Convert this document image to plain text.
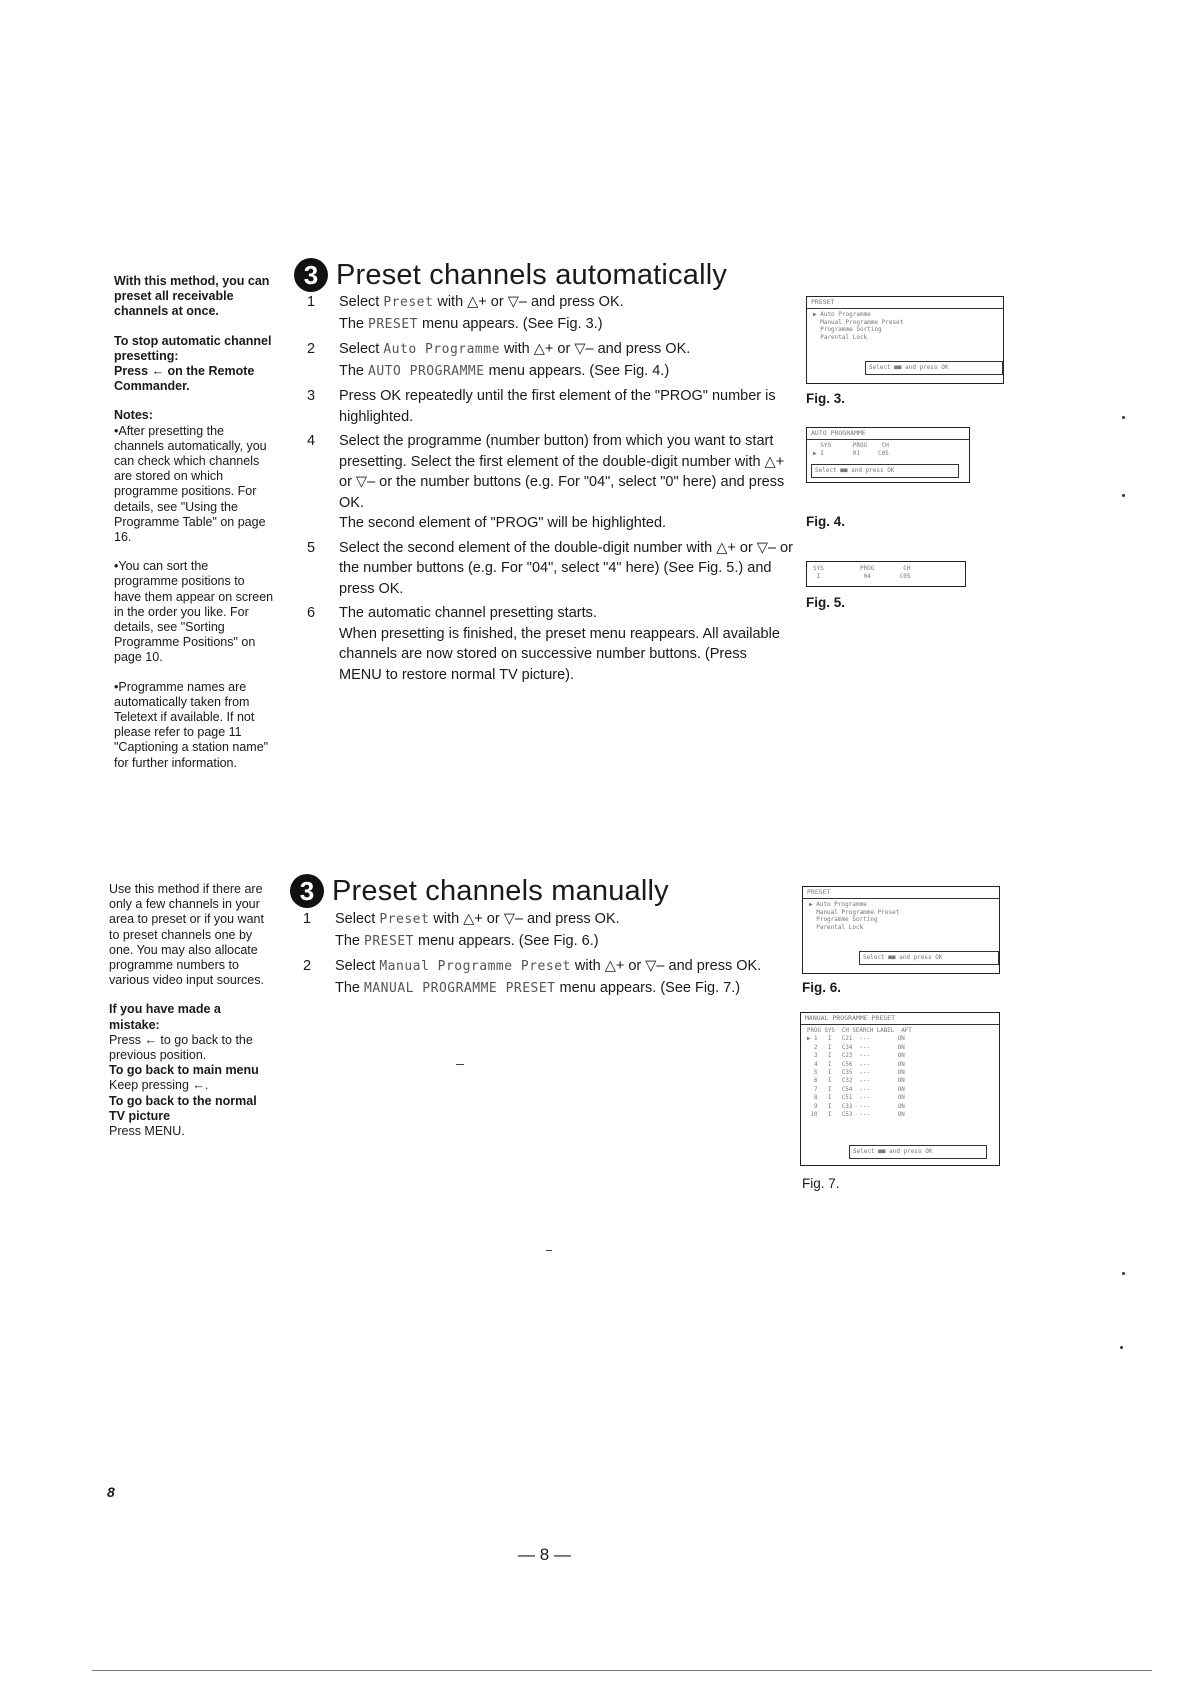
With this method, you can preset all receivable channels at once.

To stop automatic channel presetting:
Press ← on the Remote Commander.

Notes:

•After presetting the channels automatically, you can check which channels are stored on which programme positions. For details, see "Using the Programme Table" on page 16.

•You can sort the programme positions to have them appear on screen in the order you like. For details, see "Sorting Programme Positions" on page 10.

•Programme names are automatically taken from Teletext if available. If not please refer to page 11 "Captioning a station name" for further information.

3 Preset channels automatically
1	Select Preset with △+ or ▽– and press OK.
The PRESET menu appears. (See Fig. 3.)
2	Select Auto Programme with △+ or ▽– and press OK.
The AUTO PROGRAMME menu appears. (See Fig. 4.)
3	Press OK repeatedly until the first element of the "PROG" number is highlighted.
4	Select the programme (number button) from which you want to start presetting. Select the first element of the double-digit number with △+ or ▽– or the number buttons (e.g. For "04", select "0" here) and press OK.
The second element of "PROG" will be highlighted.
5	Select the second element of the double-digit number with △+ or ▽– or the number buttons (e.g. For "04", select "4" here) (See Fig. 5.) and press OK.
6	The automatic channel presetting starts.
When presetting is finished, the preset menu reappears. All available channels are now stored on successive number buttons. (Press MENU to restore normal TV picture).
PRESET
▶ Auto Programme
Manual Programme Preset
Programme Sorting
Parental Lock
Select ■■ and press OK
Fig. 3.
AUTO PROGRAMME
SYS      PROG    CH
▶ I        01     C05
Select ■■ and press OK
Fig. 4.
SYS          PROG        CH
I            04        C05
Fig. 5.

Use this method if there are only a few channels in your area to preset or if you want to preset channels one by one. You may also allocate programme numbers to various video input sources.

If you have made a mistake:
Press ← to go back to the previous position.
To go back to main menu
Keep pressing ←.
To go back to the normal TV picture
Press MENU.

3 Preset channels manually
1	Select Preset with △+ or ▽– and press OK.
The PRESET menu appears. (See Fig. 6.)
2	Select Manual Programme Preset with △+ or ▽– and press OK.
The MANUAL PROGRAMME PRESET menu appears. (See Fig. 7.)
PRESET
▶ Auto Programme
Manual Programme Preset
Programme Sorting
Parental Lock
Select ■■ and press OK
Fig. 6.
MANUAL PROGRAMME PRESET
PROG SYS  CH SEARCH LABEL  AFT
▶ 1   I   C21  ---        ON
2   I   C34  ---        ON
3   I   C23  ---        ON
4   I   C56  ---        ON
5   I   C35  ---        ON
6   I   C32  ---        ON
7   I   C54  ---        ON
8   I   C51  ---        ON
9   I   C33  ---        ON
10   I   C53  ---        ON
Select ■■ and press OK
Fig. 7.
8
— 8 —
